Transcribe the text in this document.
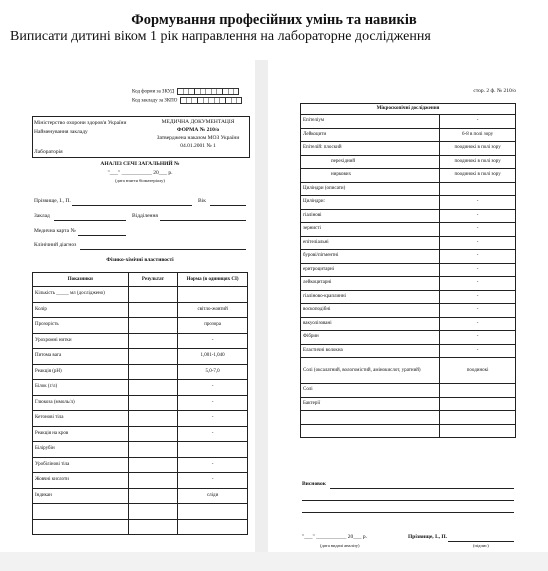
Формування професійних умінь та навиків
Виписати дитині віком 1 рік направлення на лабораторне дослідження
Код форми за ЗКУД
Код закладу за ЗКПО
Міністерство охорони здоров'я України
Найменування закладу
Лабораторія
МЕДИЧНА ДОКУМЕНТАЦІЯ
ФОРМА № 210/о
Затверджена наказом МОЗ України
04.01.2001 № 1
АНАЛІЗ СЕЧІ ЗАГАЛЬНИЙ №
"___" ___________ 20___ р.
(дата взяття біоматеріалу)
Прізвище, І., П.	Вік
Заклад	Відділення
Медична карта №
Клінічний діагноз
Фізико-хімічні властивості
Показники	Результат	Норма (в одиницях СІ)
Кількість _____ мл (досліджено)		
Колір		світло-жовтий
Прозорість		прозора
Урохромні нитки		-
Питома вага		1,001-1,040
Реакція (pH)		5,0-7,0
Білок (г/л)		-
Глюкоза (ммоль/л)		-
Кетонові тіла		-
Реакція на кров		-
Білірубін		
Уробілінові тіла		-
Жовчні кислоти		-
Індикан		сліди

стор. 2 ф. № 210/о
Мікроскопічні дослідження	
Епітеліум	-
Лейкоцити	6-8 в полі зору
Епітелій: плоский	поодинокі в полі зору
перехідний	поодинокі в полі зору
ниркових	поодинокі в полі зору
Циліндри (описати)	
Циліндри:	-
гіалінові	-
зернисті	-
епітеліальні	-
бурові/пігментні	-
еритроцитарні	-
лейкоцитарні	-
гіаліново-краплинні	-
воскоподібні	-
вакуолізовані	-
Фібрин	-
Еластичні волокна	-
Солі (оксалатний, вологомістий, амінокислот, уратний)	поодинокі
Солі	
Бактерії	

Висновок
"___" ___________ 20___ р.
(дата видачі аналізу)
Прізвище, І., П.
(підпис)
